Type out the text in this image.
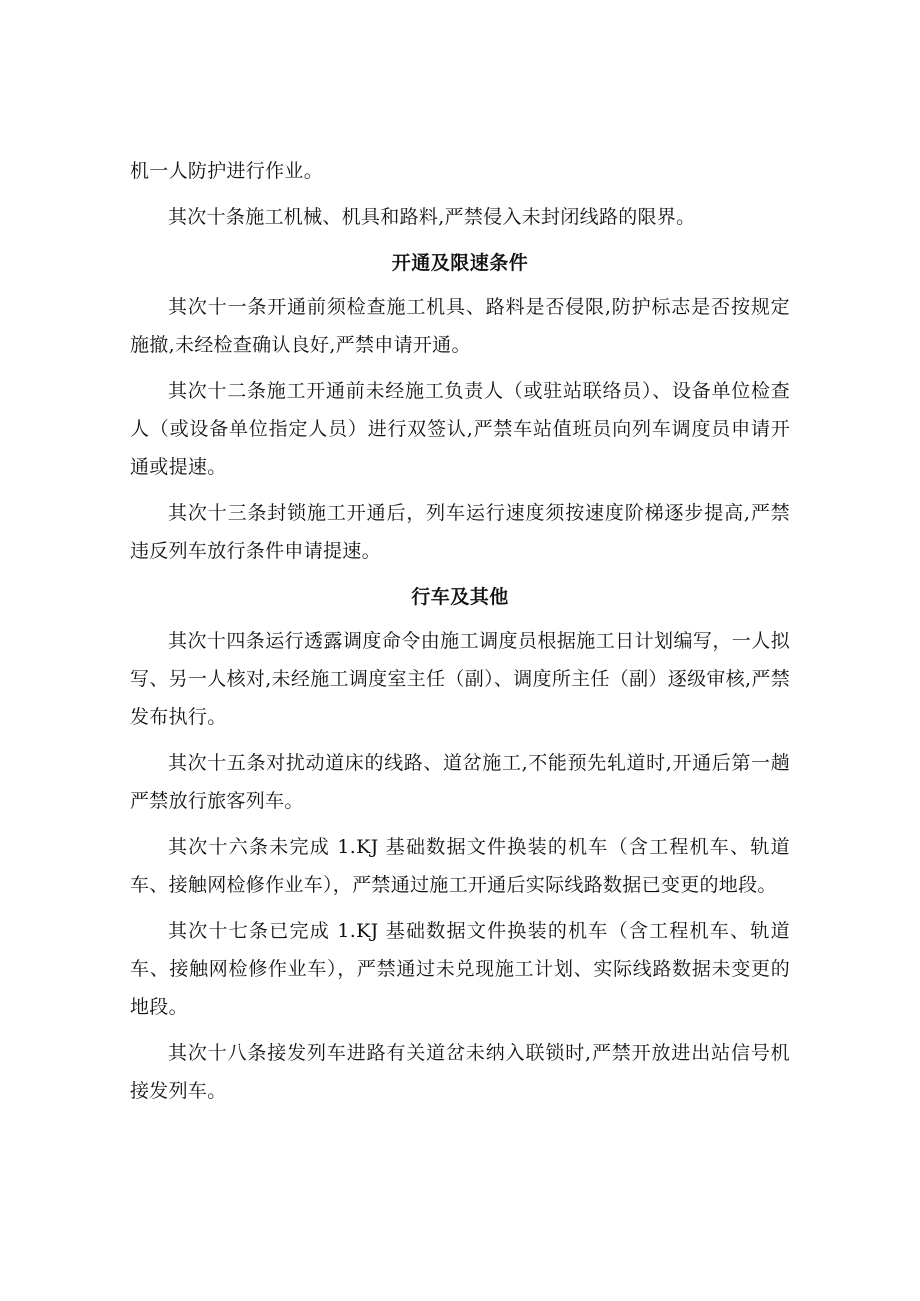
机一人防护进行作业。

其次十条施工机械、机具和路料,严禁侵入未封闭线路的限界。

开通及限速条件

其次十一条开通前须检查施工机具、路料是否侵限,防护标志是否按规定施撤,未经检查确认良好,严禁申请开通。

其次十二条施工开通前未经施工负责人（或驻站联络员）、设备单位检查人（或设备单位指定人员）进行双签认,严禁车站值班员向列车调度员申请开通或提速。

其次十三条封锁施工开通后，列车运行速度须按速度阶梯逐步提高,严禁违反列车放行条件申请提速。

行车及其他

其次十四条运行透露调度命令由施工调度员根据施工日计划编写，一人拟写、另一人核对,未经施工调度室主任（副）、调度所主任（副）逐级审核,严禁发布执行。

其次十五条对扰动道床的线路、道岔施工,不能预先轧道时,开通后第一趟严禁放行旅客列车。

其次十六条未完成 1.KJ 基础数据文件换装的机车（含工程机车、轨道车、接触网检修作业车），严禁通过施工开通后实际线路数据已变更的地段。

其次十七条已完成 1.KJ 基础数据文件换装的机车（含工程机车、轨道车、接触网检修作业车），严禁通过未兑现施工计划、实际线路数据未变更的地段。

其次十八条接发列车进路有关道岔未纳入联锁时,严禁开放进出站信号机接发列车。
